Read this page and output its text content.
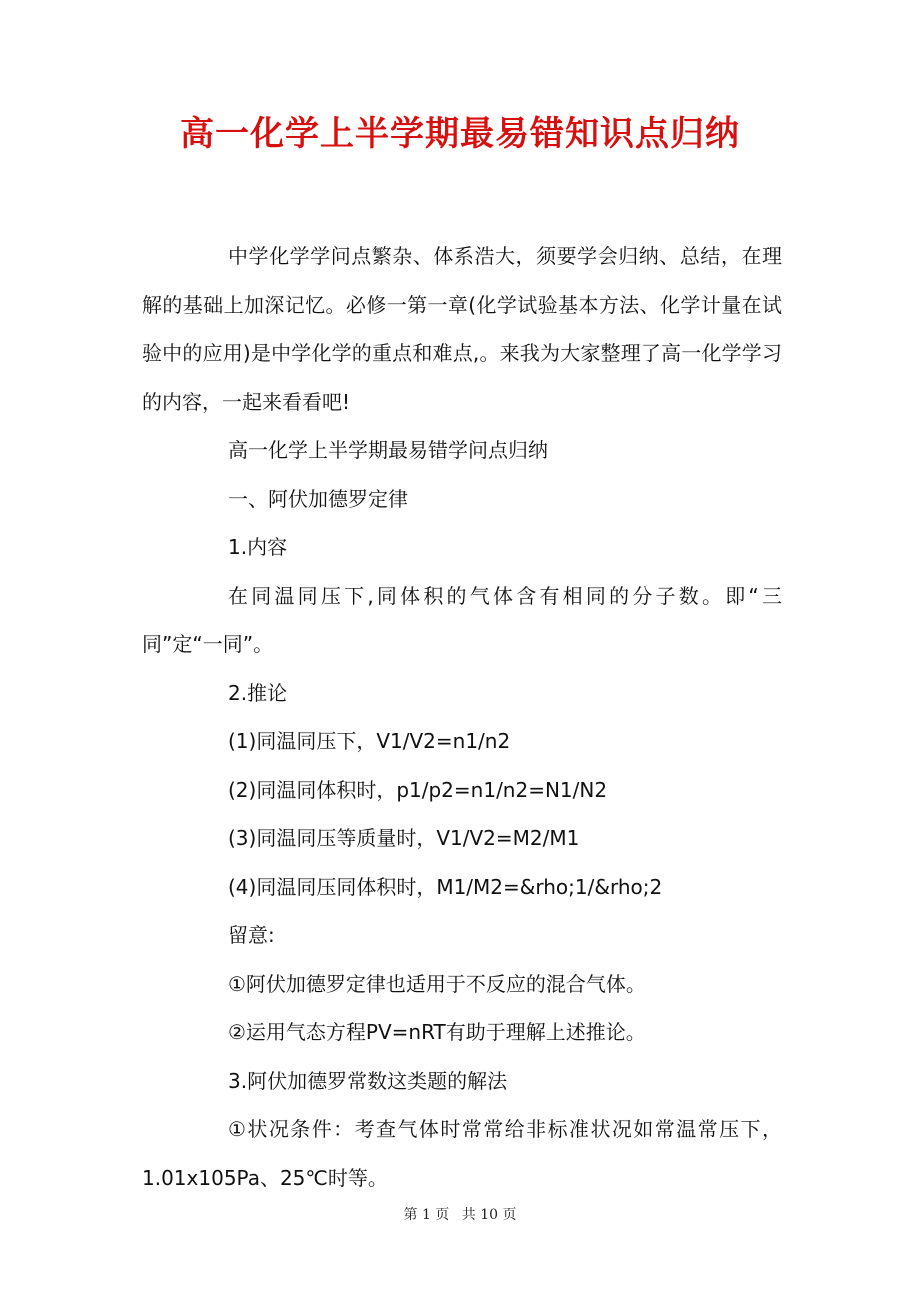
高一化学上半学期最易错知识点归纳

中学化学学问点繁杂、体系浩大，须要学会归纳、总结，在理解的基础上加深记忆。必修一第一章(化学试验基本方法、化学计量在试验中的应用)是中学化学的重点和难点,。来我为大家整理了高一化学学习的内容，一起来看看吧!

高一化学上半学期最易错学问点归纳

一、阿伏加德罗定律

1.内容

在同温同压下,同体积的气体含有相同的分子数。即“三同”定“一同”。

2.推论

(1)同温同压下，V1/V2=n1/n2

(2)同温同体积时，p1/p2=n1/n2=N1/N2

(3)同温同压等质量时，V1/V2=M2/M1

(4)同温同压同体积时，M1/M2=&rho;1/&rho;2

留意:

①阿伏加德罗定律也适用于不反应的混合气体。

②运用气态方程PV=nRT有助于理解上述推论。

3.阿伏加德罗常数这类题的解法

①状况条件：考查气体时常常给非标准状况如常温常压下，1.01x105Pa、25℃时等。

第 1 页 共 10 页
